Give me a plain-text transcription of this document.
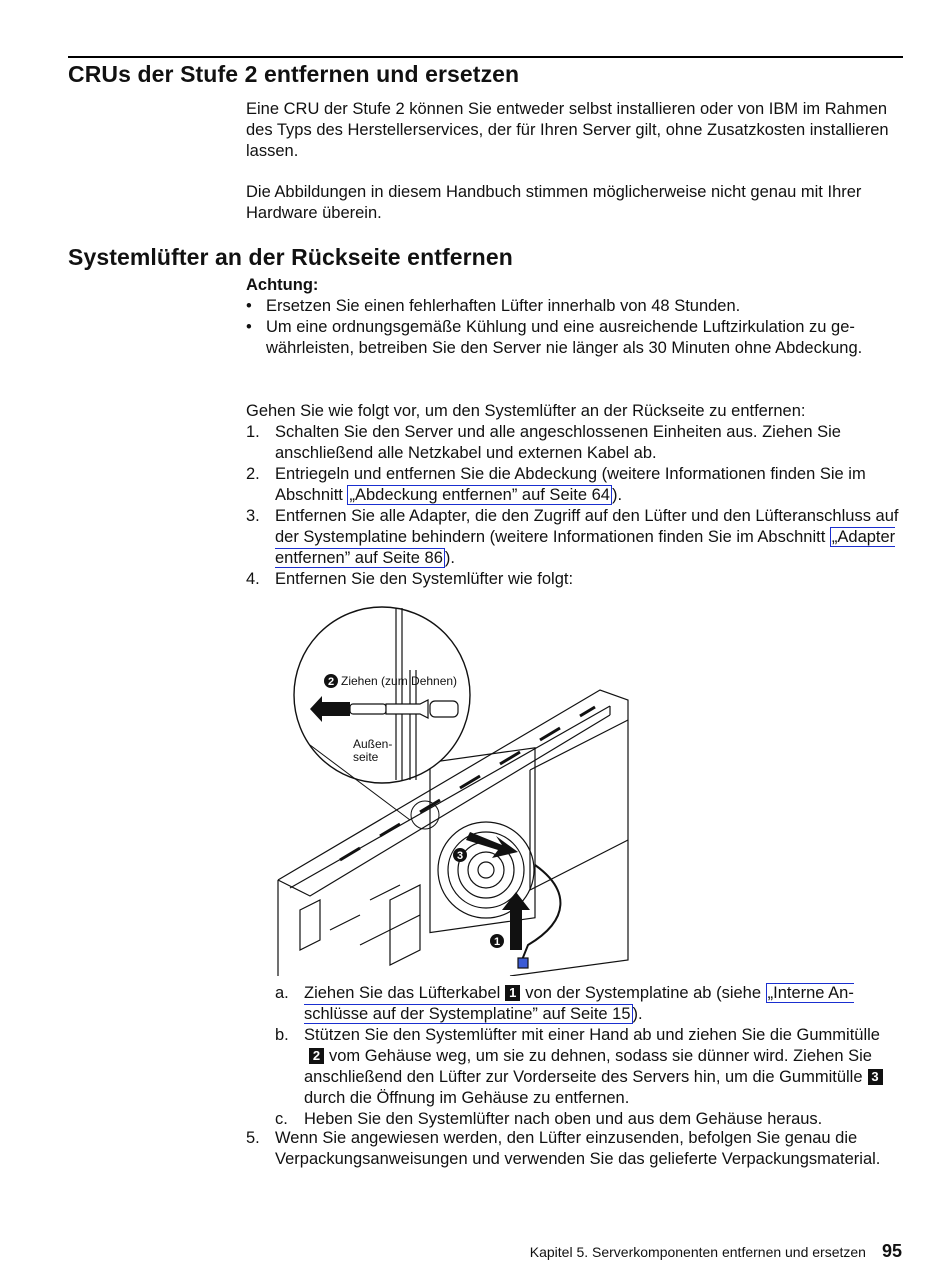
CRUs der Stufe 2 entfernen und ersetzen

Eine CRU der Stufe 2 können Sie entweder selbst installieren oder von IBM im Rahmen des Typs des Herstellerservices, der für Ihren Server gilt, ohne Zusatzkosten installieren lassen.

Die Abbildungen in diesem Handbuch stimmen möglicherweise nicht genau mit Ihrer Hardware überein.

Systemlüfter an der Rückseite entfernen
Achtung:
• Ersetzen Sie einen fehlerhaften Lüfter innerhalb von 48 Stunden.
• Um eine ordnungsgemäße Kühlung und eine ausreichende Luftzirkulation zu gewährleisten, betreiben Sie den Server nie länger als 30 Minuten ohne Abdeckung.

Gehen Sie wie folgt vor, um den Systemlüfter an der Rückseite zu entfernen:

1. Schalten Sie den Server und alle angeschlossenen Einheiten aus. Ziehen Sie anschließend alle Netzkabel und externen Kabel ab.
2. Entriegeln und entfernen Sie die Abdeckung (weitere Informationen finden Sie im Abschnitt „Abdeckung entfernen” auf Seite 64 ).
3. Entfernen Sie alle Adapter, die den Zugriff auf den Lüfter und den Lüfteranschluss auf der Systemplatine behindern (weitere Informationen finden Sie im Abschnitt „Adapter entfernen” auf Seite 86 ).
4. Entfernen Sie den Systemlüfter wie folgt:
2
3
1
Ziehen (zum Dehnen)
Außen-
seite
a. Ziehen Sie das Lüfterkabel 1 von der Systemplatine ab (siehe „Interne Anschlüsse auf der Systemplatine” auf Seite 15 ).
b. Stützen Sie den Systemlüfter mit einer Hand ab und ziehen Sie die Gummitülle2 vom Gehäuse weg, um sie zu dehnen, sodass sie dünner wird. Ziehen Sie anschließend den Lüfter zur Vorderseite des Servers hin, um die Gummitülle 3durch die Öffnung im Gehäuse zu entfernen.
c. Heben Sie den Systemlüfter nach oben und aus dem Gehäuse heraus.
5. Wenn Sie angewiesen werden, den Lüfter einzusenden, befolgen Sie genau die Verpackungsanweisungen und verwenden Sie das gelieferte Verpackungsmaterial.
Kapitel 5. Serverkomponenten entfernen und ersetzen 95
